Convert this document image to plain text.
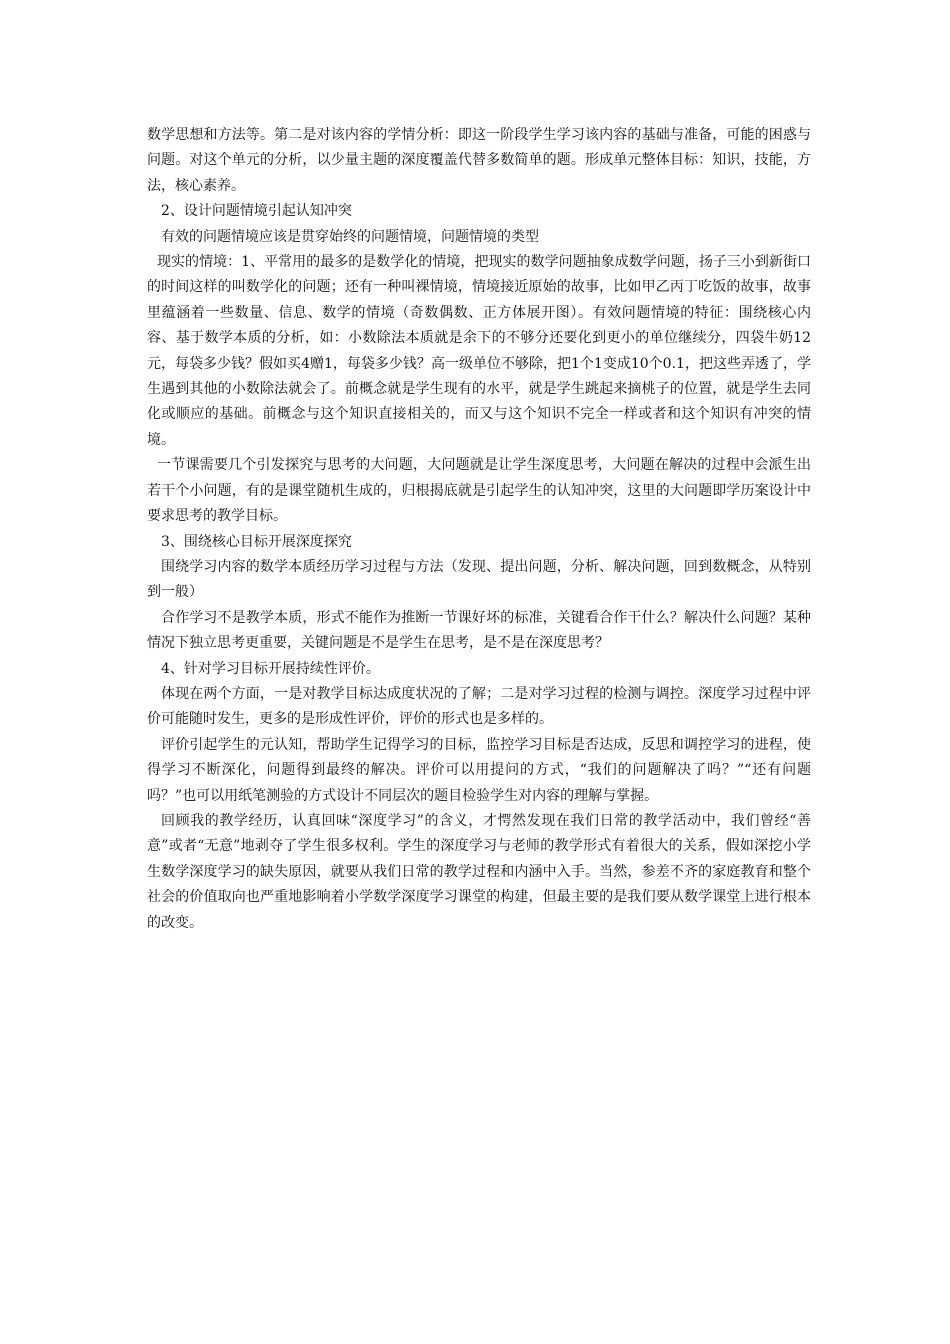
数学思想和方法等。第二是对该内容的学情分析：即这一阶段学生学习该内容的基础与准备，可能的困惑与问题。对这个单元的分析，以少量主题的深度覆盖代替多数简单的题。形成单元整体目标：知识，技能，方法，核心素养。

2、设计问题情境引起认知冲突

有效的问题情境应该是贯穿始终的问题情境，问题情境的类型

现实的情境：1、平常用的最多的是数学化的情境，把现实的数学问题抽象成数学问题，扬子三小到新街口的时间这样的叫数学化的问题；还有一种叫裸情境，情境接近原始的故事，比如甲乙丙丁吃饭的故事，故事里蕴涵着一些数量、信息、数学的情境（奇数偶数、正方体展开图）。有效问题情境的特征：围绕核心内容、基于数学本质的分析，如：小数除法本质就是余下的不够分还要化到更小的单位继续分，四袋牛奶12元，每袋多少钱？假如买4赠1，每袋多少钱？高一级单位不够除，把1个1变成10个0.1，把这些弄透了，学生遇到其他的小数除法就会了。前概念就是学生现有的水平，就是学生跳起来摘桃子的位置，就是学生去同化或顺应的基础。前概念与这个知识直接相关的，而又与这个知识不完全一样或者和这个知识有冲突的情境。

一节课需要几个引发探究与思考的大问题，大问题就是让学生深度思考，大问题在解决的过程中会派生出若干个小问题，有的是课堂随机生成的，归根揭底就是引起学生的认知冲突，这里的大问题即学历案设计中要求思考的教学目标。

3、围绕核心目标开展深度探究

围绕学习内容的数学本质经历学习过程与方法（发现、提出问题，分析、解决问题，回到数概念，从特别到一般）

合作学习不是教学本质，形式不能作为推断一节课好坏的标准，关键看合作干什么？解决什么问题？某种情况下独立思考更重要，关键问题是不是学生在思考，是不是在深度思考？

4、针对学习目标开展持续性评价。

体现在两个方面，一是对教学目标达成度状况的了解；二是对学习过程的检测与调控。深度学习过程中评价可能随时发生，更多的是形成性评价，评价的形式也是多样的。

评价引起学生的元认知，帮助学生记得学习的目标，监控学习目标是否达成，反思和调控学习的进程，使得学习不断深化，问题得到最终的解决。评价可以用提问的方式，“我们的问题解决了吗？”“还有问题吗？”也可以用纸笔测验的方式设计不同层次的题目检验学生对内容的理解与掌握。

回顾我的教学经历，认真回味“深度学习”的含义，才愕然发现在我们日常的教学活动中，我们曾经“善意”或者“无意”地剥夺了学生很多权利。学生的深度学习与老师的教学形式有着很大的关系，假如深挖小学生数学深度学习的缺失原因，就要从我们日常的教学过程和内涵中入手。当然，参差不齐的家庭教育和整个社会的价值取向也严重地影响着小学数学深度学习课堂的构建，但最主要的是我们要从数学课堂上进行根本的改变。
